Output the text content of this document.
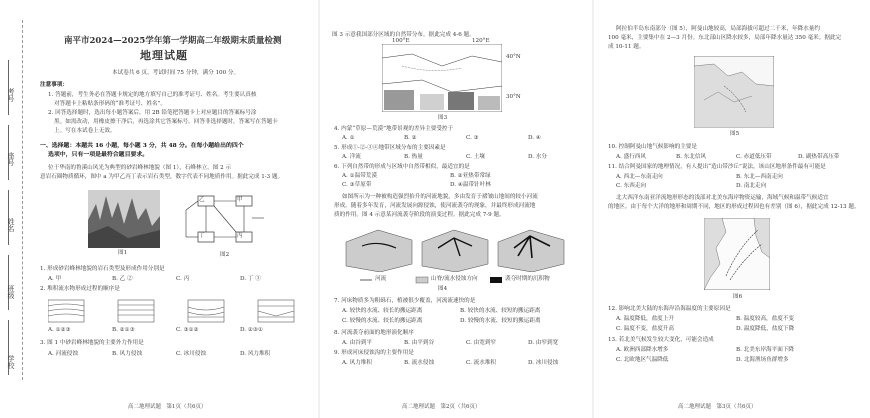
考号
座号
姓名
班级
学校
南平市2024—2025学年第一学期高二年级期末质量检测
地理试题
本试卷共 6 页。考试时间 75 分钟，满分 100 分。
注意事项：
1. 答题前，考生务必在答题卡规定的地方填写自己的准考证号、姓名。考生要认真核
对答题卡上粘贴条形码的“准考证号、姓名”。
2. 回答选择题时，选出每小题答案后，用 2B 铅笔把答题卡上对应题目的答案标号涂
黑。如需改动，用橡皮擦干净后，再选涂其它答案标号。回答非选择题时，答案写在答题卡
上。写在本试卷上无效。
一、选择题：本题共 16 小题，每小题 3 分，共 48 分。在每小题给出的四个
选项中，只有一项是最符合题目要求。
位于华南的鲁溪山风光为典型的砂岩峰林地貌（图 1），石峰林立。图 2 示
意岩石圈物质循环，图中 a 为甲乙丙丁表示岩石类型，数字代表不同地质作用。据此完成 1-3 题。
图1
乙	甲
丙
丁
图2
1. 形成砂岩峰林地貌的岩石类型及形成作用分别是
A. 甲	B. 乙 ②	C. 丙	D. 丁 ③
2. 堆积流水物形成过程的顺序是
A. ①②③	B. ②①③	C. ③①②	D. ②③①
3. 图 1 中砂岩峰林地貌的主要外力作用是
A. 河流侵蚀	B. 风力侵蚀	C. 冰川侵蚀	D. 风力堆积
高二地理试题　第1页（共6页）
图 3 示意我国部分区域的自然带分布。据此完成 4-6 题。
100°E	120°E
40°N
30°N
图3
4. 内蒙“草原—荒漠”地带景观的差异主要受控于
A. ①	B. ②	C. ③	D. ④
5. 形成①-②-③④地带区域分布的主要因素是
A. 洋流	B. 热量	C. 土壤	D. 水分
6. 下列自然带的形成与区域中自然带相似，最适宜的是
A. ①温带荒漠	B. ②亚热带常绿
C. ③草原带	D. ④温带针叶林
如图所示为一种被构造强烈抬升的河流地貌，多由发育于褶皱山地间的较小河流
形成。随着多年发育，河流发展向源侵蚀，使河流袭夺的现象，并最终形成河流地
质的作用。图 4 示意某河流袭夺阶段的演变过程。据此完成 7-9 题。
河流	山脊/流水侵蚀方向	袭夺时期的沉积物
图4
7. 河床物质多为粗砾石，植被很少覆盖，河流流速快的是
A. 较快的水流、较长的搬运距离	B. 较快的水流、较短的搬运距离
C. 较慢的水流、较长的搬运距离	D. 较慢的水流、较短的搬运距离
8. 河流袭夺前面的地形演化顺序
A. 由谷到平	B. 由平到谷	C. 由宽到窄	D. 由窄到宽
9. 形成河床侵蚀沟的主要作用是
A. 风力堆积	B. 流水侵蚀	C. 流水堆积	D. 冰川侵蚀
高二地理试题　第2页（共6页）
阿拉伯半岛东南部分（图 5），阿曼山地较高，局部海拔可超过二千米，年降水量约
100 毫米，主要集中在 2—3 月份。东北部山区降水较多，局部年降水量达 350 毫米。据此完
成 10-11 题。
图5
10. 控制阿曼山地气候影响的主要是
A. 盛行西风	B. 东北信风	C. 赤道低压带	D. 副热带高压带
11. 结合阿曼国家的地理情况，有人提出“造山带沙丘”说法，该山区地形条件最有可能是
A. 西北—东南走向	B. 东北—西南走向
C. 东西走向	D. 南北走向
北大西洋东南亚洋流地形形态的浅部对北美东海岸物资运输，海域气候和温带气候适宜
的地区。由于每个大洋的地形和周期不同，地区的形成过程因也有差别（图 6），据此完成 12-13 题。
图6
12. 影响北美大陆的东海岸沿海温度的主要原因是
A. 温度降低，盐度上升	B. 温度较高，盐度不变
C. 温度不变，盐度升高	D. 温度降低，盐度下降
13. 若北美气候发生较大变化，可能会造成
A. 欧洲西部降水增多	B. 北美东岸海平面下降
C. 北欧地区气温降低	D. 北海渔场鱼群增多
高二地理试题　第3页（共6页）
